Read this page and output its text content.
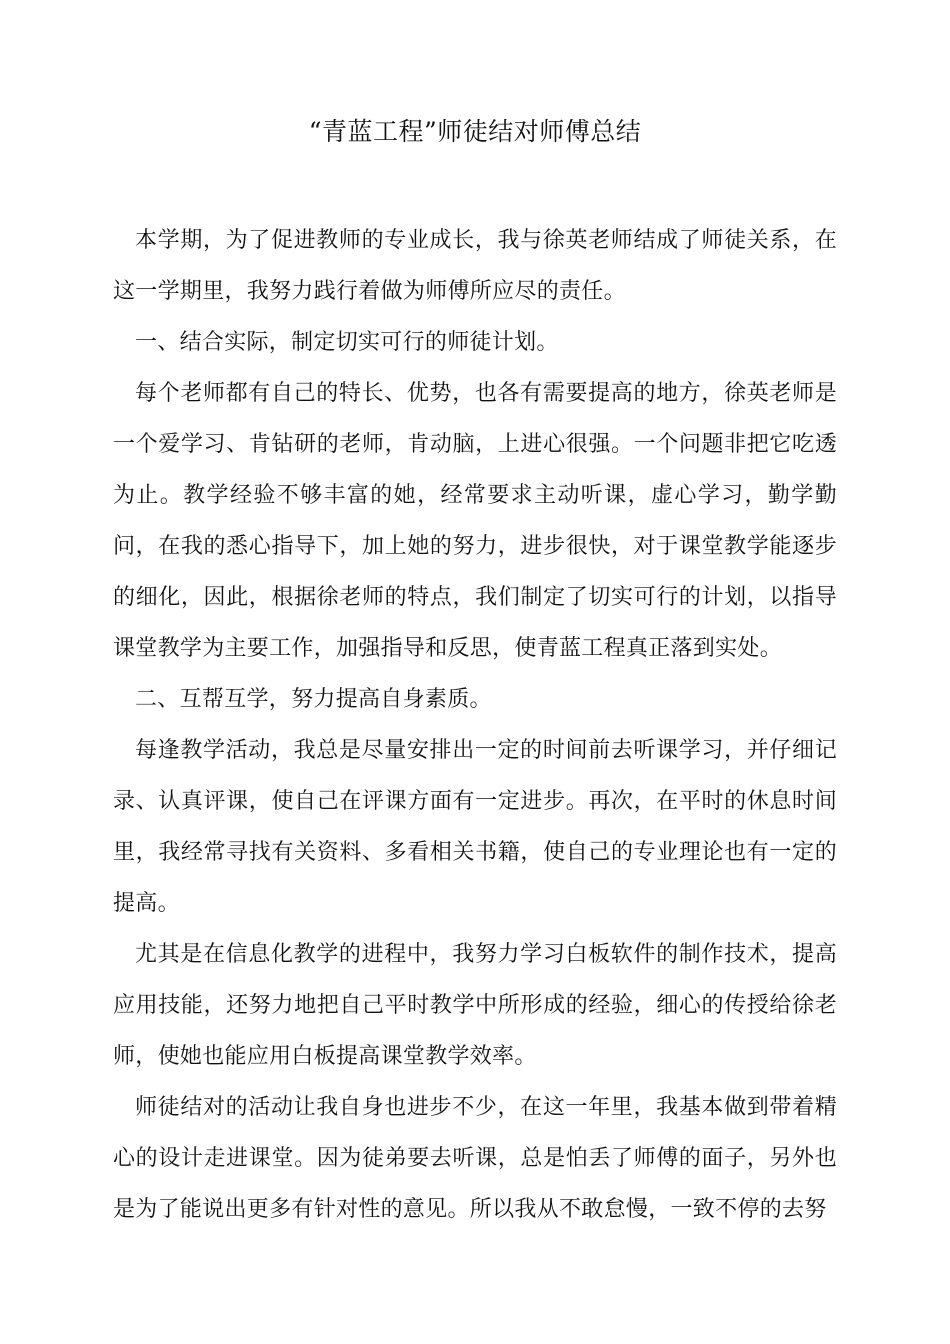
“青蓝工程”师徒结对师傅总结

本学期，为了促进教师的专业成长，我与徐英老师结成了师徒关系，在这一学期里，我努力践行着做为师傅所应尽的责任。

一、结合实际，制定切实可行的师徒计划。

每个老师都有自己的特长、优势，也各有需要提高的地方，徐英老师是一个爱学习、肯钻研的老师，肯动脑，上进心很强。一个问题非把它吃透为止。教学经验不够丰富的她，经常要求主动听课，虚心学习，勤学勤问，在我的悉心指导下，加上她的努力，进步很快，对于课堂教学能逐步的细化，因此，根据徐老师的特点，我们制定了切实可行的计划，以指导课堂教学为主要工作，加强指导和反思，使青蓝工程真正落到实处。

二、互帮互学，努力提高自身素质。

每逢教学活动，我总是尽量安排出一定的时间前去听课学习，并仔细记录、认真评课，使自己在评课方面有一定进步。再次，在平时的休息时间里，我经常寻找有关资料、多看相关书籍，使自己的专业理论也有一定的提高。

尤其是在信息化教学的进程中，我努力学习白板软件的制作技术，提高应用技能，还努力地把自己平时教学中所形成的经验，细心的传授给徐老师，使她也能应用白板提高课堂教学效率。

师徒结对的活动让我自身也进步不少，在这一年里，我基本做到带着精心的设计走进课堂。因为徒弟要去听课，总是怕丢了师傅的面子，另外也是为了能说出更多有针对性的意见。所以我从不敢怠慢，一致不停的去努
